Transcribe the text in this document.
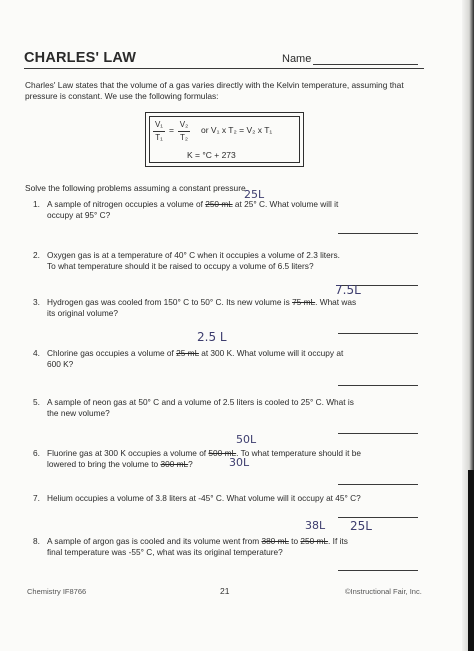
CHARLES' LAW	Name
Charles' Law states that the volume of a gas varies directly with the Kelvin temperature, assuming that pressure is constant. We use the following formulas:
V₁
T₁
=
V₂
T₂
or V₁ x T₂ = V₂ x T₁
K = °C + 273
Solve the following problems assuming a constant pressure.
1. A sample of nitrogen occupies a volume of 250 mL at 25° C. What volume will it
occupy at 95° C?
25L
2. Oxygen gas is at a temperature of 40° C when it occupies a volume of 2.3 liters.
To what temperature should it be raised to occupy a volume of 6.5 liters?
3. Hydrogen gas was cooled from 150° C to 50° C. Its new volume is 75 mL. What was
its original volume?
7.5L
4. Chlorine gas occupies a volume of 25 mL at 300 K. What volume will it occupy at
600 K?
2.5 L
5. A sample of neon gas at 50° C and a volume of 2.5 liters is cooled to 25° C. What is
the new volume?
6. Fluorine gas at 300 K occupies a volume of 500 mL. To what temperature should it be
lowered to bring the volume to 300 mL?
50L
30L
7. Helium occupies a volume of 3.8 liters at -45° C. What volume will it occupy at 45° C?
8. A sample of argon gas is cooled and its volume went from 380 mL to 250 mL. If its
final temperature was -55° C, what was its original temperature?
38L 25L
Chemistry IF8766	21	©Instructional Fair, Inc.
